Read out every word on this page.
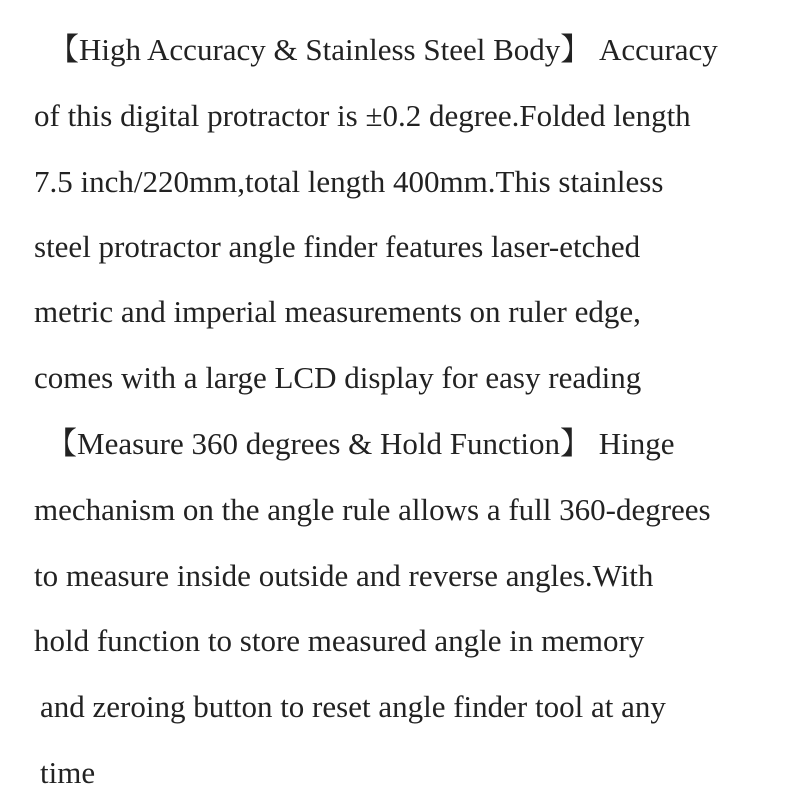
【High Accuracy & Stainless Steel Body】 Accuracy
of this digital protractor is ±0.2 degree.Folded length
7.5 inch/220mm,total length 400mm.This stainless
steel protractor angle finder features laser-etched
metric and imperial measurements on ruler edge,
comes with a large LCD display for easy reading
【Measure 360 degrees & Hold Function】 Hinge
mechanism on the angle rule allows a full 360-degrees
to measure inside outside and reverse angles.With
hold function to store measured angle in memory
and zeroing button to reset angle finder tool at any
time
